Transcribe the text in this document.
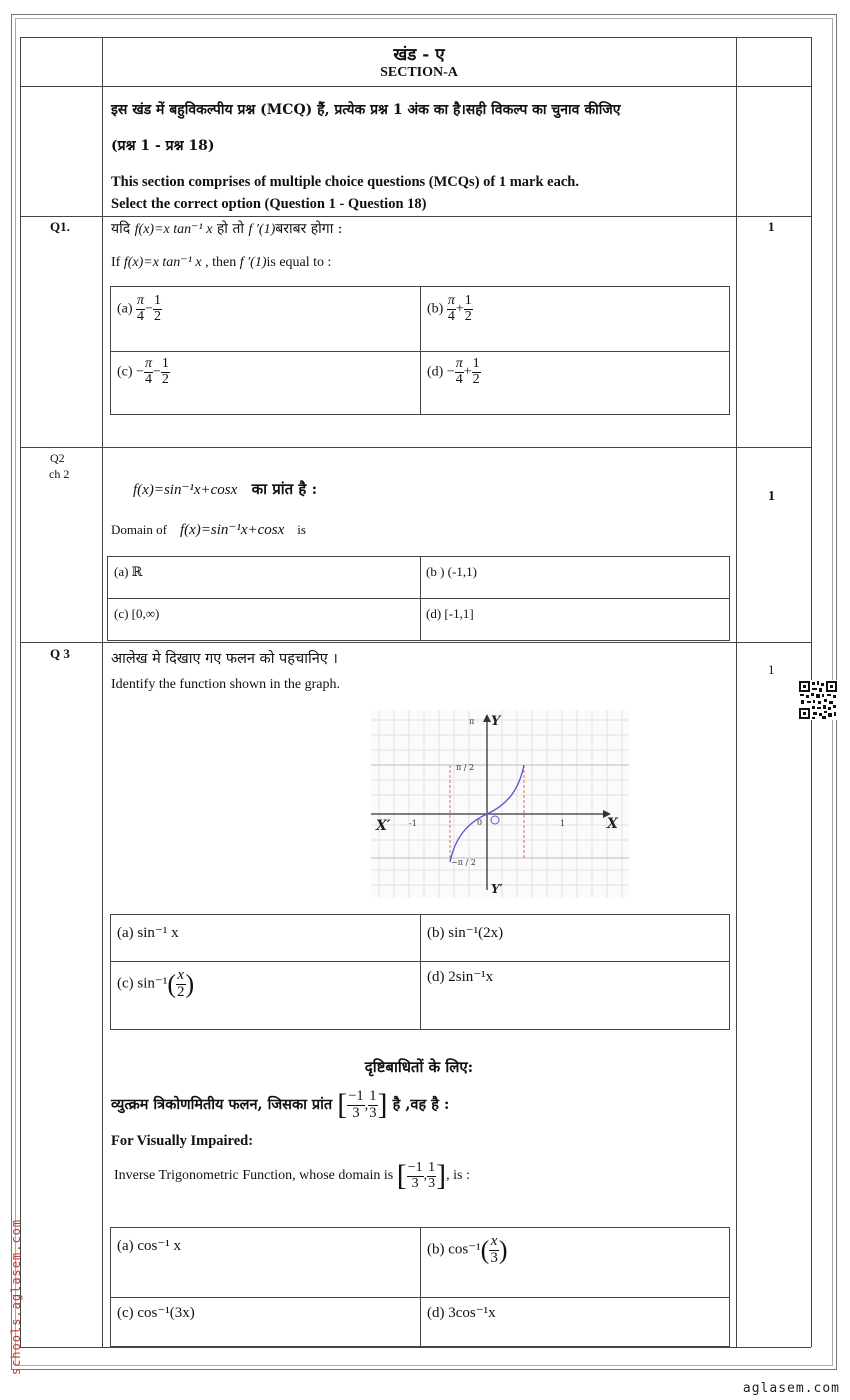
खंड - ए
SECTION-A
इस खंड में बहुविकल्पीय प्रश्न (MCQ) हैं, प्रत्येक प्रश्न 1 अंक का है।सही विकल्प का चुनाव कीजिए
(प्रश्न 1 - प्रश्न 18)
This section comprises of multiple choice questions (MCQs) of 1 mark each.
Select the correct option (Question 1 - Question 18)
Q1.	1
यदि f(x)=x tan⁻¹ x हो तो f ′(1)बराबर होगा :
If f(x)=x tan⁻¹ x , then f ′(1)is equal to :
$(a) \frac{\pi}{4} - \frac{1}{2}$	$(b) \frac{\pi}{4} + \frac{1}{2}$
$(c) - \frac{\pi}{4} - \frac{1}{2}$	$(d) - \frac{\pi}{4} + \frac{1}{2}$
Q2
ch 2
1
f(x)=sin⁻¹x+cosx का प्रांत है :
Domain of f(x)=sin⁻¹x+cosx is
(a) ℝ	(b ) (-1,1)
(c) [0,∞)	(d) [-1,1]
Q 3
1
आलेख मे दिखाए गए फलन को पहचानिए ।
Identify the function shown in the graph.
π Y
π / 2
−π / 2
X′ -1	0	1	X
Y′
(a) sin⁻¹ x	(b) sin⁻¹(2x)
(c) $\sin^{-1}( \frac{x}{2}$ )	(d) 2sin⁻¹x
दृष्टिबाधितों के लिए:
व्युत्क्रम त्रिकोणमितीय फलन, जिसका प्रांत [ $\frac{-1}{3}$ , $\frac{1}{3}$ ] है ,वह है :
For Visually Impaired:
Inverse Trigonometric Function, whose domain is [ $\frac{-1}{3}$ , $\frac{1}{3}$ ], is :
(a) cos⁻¹ x	(b) $\cos^{-1}( \frac{x}{3}$ )
(c) cos⁻¹(3x)	(d) 3cos⁻¹x
schools.aglasem.com
aglasem.com
